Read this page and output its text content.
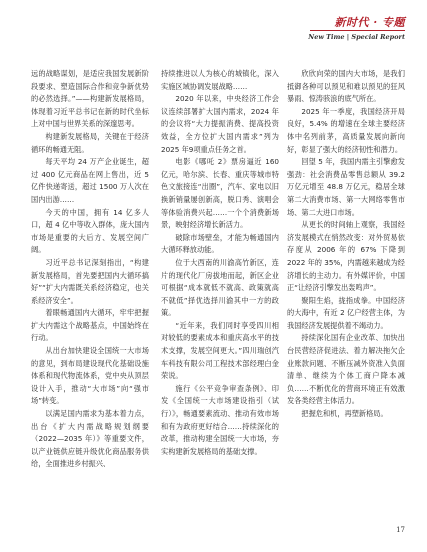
新时代 · 专题
New Time | Special Report

远的战略谋划，是适应我国发展新阶段要求、塑造国际合作和竞争新优势的必然选择。”——构建新发展格局，体现着习近平总书记在新的时代坐标上对中国与世界关系的深邃思考。

构建新发展格局，关键在于经济循环的畅通无阻。

每天平均 24 万产企业诞生，超过 400 亿元商品在网上售出，近 5 亿件快递寄送，超过 1500 万人次在国内出游……

今天的中国，拥有 14 亿多人口，超 4 亿中等收入群体，庞大国内市场是重要的大后方、发展空间广阔。

习近平总书记深刻指出，“构建新发展格局，首先要把国内大循环搞好”“扩大内需既关系经济稳定，也关系经济安全”。

着眼畅通国内大循环，牢牢把握扩大内需这个战略基点，中国始终在行动。

从出台加快建设全国统一大市场的意见，到布局建设现代化基础设施体系和现代物流体系，党中央从顶层设计入手，推动“大市场”向“强市场”转变。

以满足国内需求为基本着力点，出台《扩大内需战略规划纲要（2022—2035 年）》等重要文件，以产业链供应链升级优化商品服务供给，全面推进乡村振兴、

持续推进以人为核心的城镇化，深入实施区域协调发展战略……

2020 年以来，中央经济工作会议连续部署扩大国内需求，2024 年的会议将“大力提振消费、提高投资效益，全方位扩大国内需求”列为 2025 年9项重点任务之首。

电影《哪吒 2》票房逼近 160 亿元，哈尔滨、长春、重庆等城市特色文旅接连“出圈”，汽车、家电以旧换新销量屡创新高，脱口秀、演唱会等体验消费兴起……一个个消费新场景，映射经济增长新活力。

破除市场壁垒，才能为畅通国内大循环释放动能。

位于大西南的川渝高竹新区，连片的现代化厂房拔地而起，新区企业可根据“成本就低不就高、政策就高不就低”择优选择川渝其中一方的政策。

“近年来，我们同时享受四川相对较低的要素成本和重庆高水平的技术支撑，发展空间更大。”四川瑞创汽车科技有限公司工程技术部经理白金荣说。

施行《公平竞争审查条例》、印发《全国统一大市场建设指引（试行）》，畅通要素流动、推动有效市场和有为政府更好结合……持续深化的改革，推动构建全国统一大市场，夯实构建新发展格局的基础支撑。

欣欣向荣的国内大市场，是我们抵御各种可以预见和难以预见的狂风暴雨、惊涛骇浪的底气所在。

2025 年一季度，我国经济开局良好，5.4% 的增速在全球主要经济体中名列前茅，高质量发展向新向好，彰显了强大的经济韧性和潜力。

回望 5 年，我国内需主引擎愈发强劲：社会消费品零售总额从 39.2 万亿元增至 48.8 万亿元，稳居全球第二大消费市场、第一大网络零售市场、第二大进口市场。

从更长的时间轴上观察，我国经济发展模式在悄然改变：对外贸易依存度从 2006 年的 67% 下降到 2022 年的 35%，内需越来越成为经济增长的主动力。有外媒评价，中国正“让经济引擎发出轰鸣声”。

聚阳生焰，拢指成拳。中国经济的大海中，有近 2 亿户经营主体，为我国经济发展提供着不竭动力。

持续深化国有企业改革、加快出台民营经济促进法、着力解决拖欠企业账款问题、不断压减外资准入负面清单、继续为个体工商户降本减负……不断优化的营商环境正有效激发各类经营主体活力。

把握危和机，再塑新格局。

17
